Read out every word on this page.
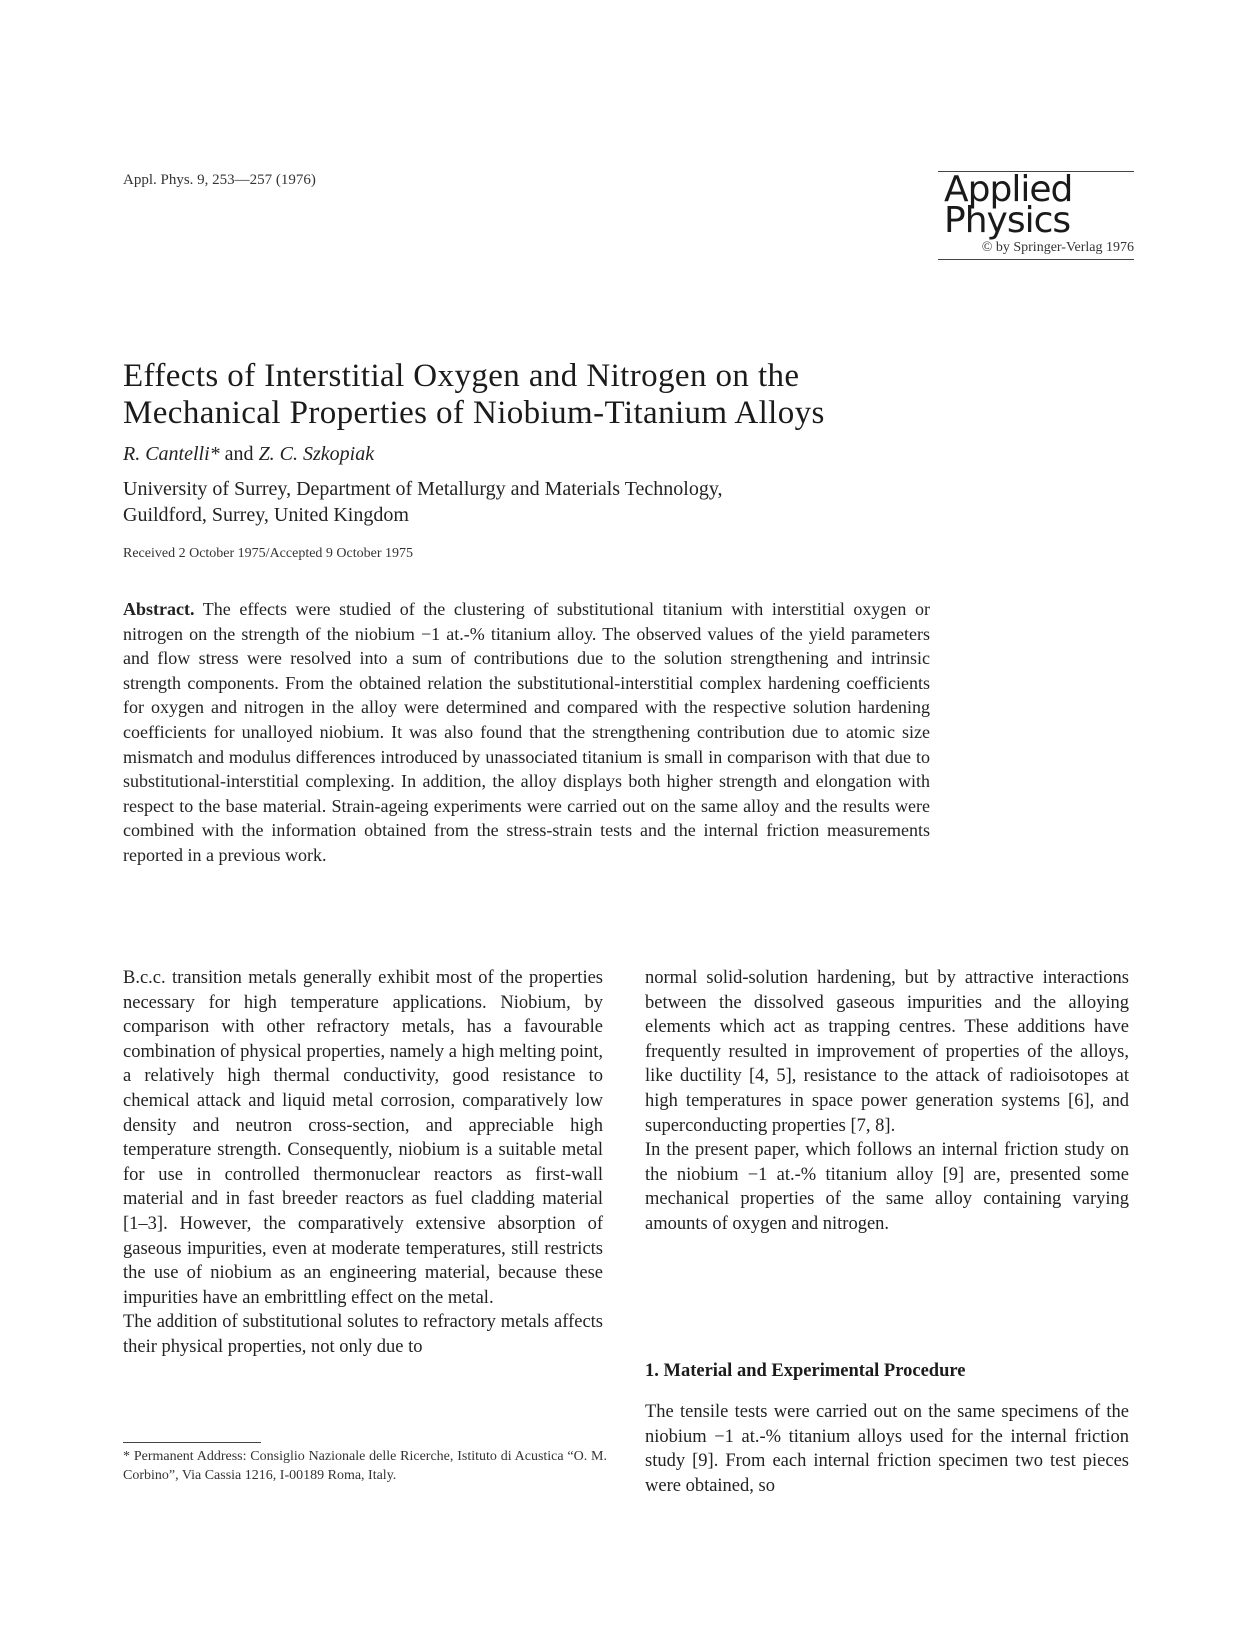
Appl. Phys. 9, 253—257 (1976)	Applied
Physics
© by Springer-Verlag 1976
Effects of Interstitial Oxygen and Nitrogen on the
Mechanical Properties of Niobium-Titanium Alloys
R. Cantelli* and Z. C. Szkopiak
University of Surrey, Department of Metallurgy and Materials Technology,
Guildford, Surrey, United Kingdom
Received 2 October 1975/Accepted 9 October 1975
Abstract. The effects were studied of the clustering of substitutional titanium with interstitial oxygen or nitrogen on the strength of the niobium −1 at.-% titanium alloy. The observed values of the yield parameters and flow stress were resolved into a sum of contributions due to the solution strengthening and intrinsic strength components. From the obtained relation the substitutional-interstitial complex hardening coefficients for oxygen and nitrogen in the alloy were determined and compared with the respective solution hardening coefficients for unalloyed niobium. It was also found that the strengthening contribution due to atomic size mismatch and modulus differences introduced by unassociated titanium is small in comparison with that due to substitutional-interstitial complexing. In addition, the alloy displays both higher strength and elongation with respect to the base material. Strain-ageing experiments were carried out on the same alloy and the results were combined with the information obtained from the stress-strain tests and the internal friction measurements reported in a previous work.

B.c.c. transition metals generally exhibit most of the properties necessary for high temperature applications. Niobium, by comparison with other refractory metals, has a favourable combination of physical properties, namely a high melting point, a relatively high thermal conductivity, good resistance to chemical attack and liquid metal corrosion, comparatively low density and neutron cross-section, and appreciable high temperature strength. Consequently, niobium is a suitable metal for use in controlled thermonuclear reactors as first-wall material and in fast breeder reactors as fuel cladding material [1–3]. However, the comparatively extensive absorption of gaseous impurities, even at moderate temperatures, still restricts the use of niobium as an engineering material, because these impurities have an embrittling effect on the metal.

The addition of substitutional solutes to refractory metals affects their physical properties, not only due to

* Permanent Address: Consiglio Nazionale delle Ricerche, Istituto di Acustica “O. M. Corbino”, Via Cassia 1216, I-00189 Roma, Italy.

normal solid-solution hardening, but by attractive interactions between the dissolved gaseous impurities and the alloying elements which act as trapping centres. These additions have frequently resulted in improvement of properties of the alloys, like ductility [4, 5], resistance to the attack of radioisotopes at high temperatures in space power generation systems [6], and superconducting properties [7, 8].

In the present paper, which follows an internal friction study on the niobium −1 at.-% titanium alloy [9] are, presented some mechanical properties of the same alloy containing varying amounts of oxygen and nitrogen.

1. Material and Experimental Procedure

The tensile tests were carried out on the same specimens of the niobium −1 at.-% titanium alloys used for the internal friction study [9]. From each internal friction specimen two test pieces were obtained, so
